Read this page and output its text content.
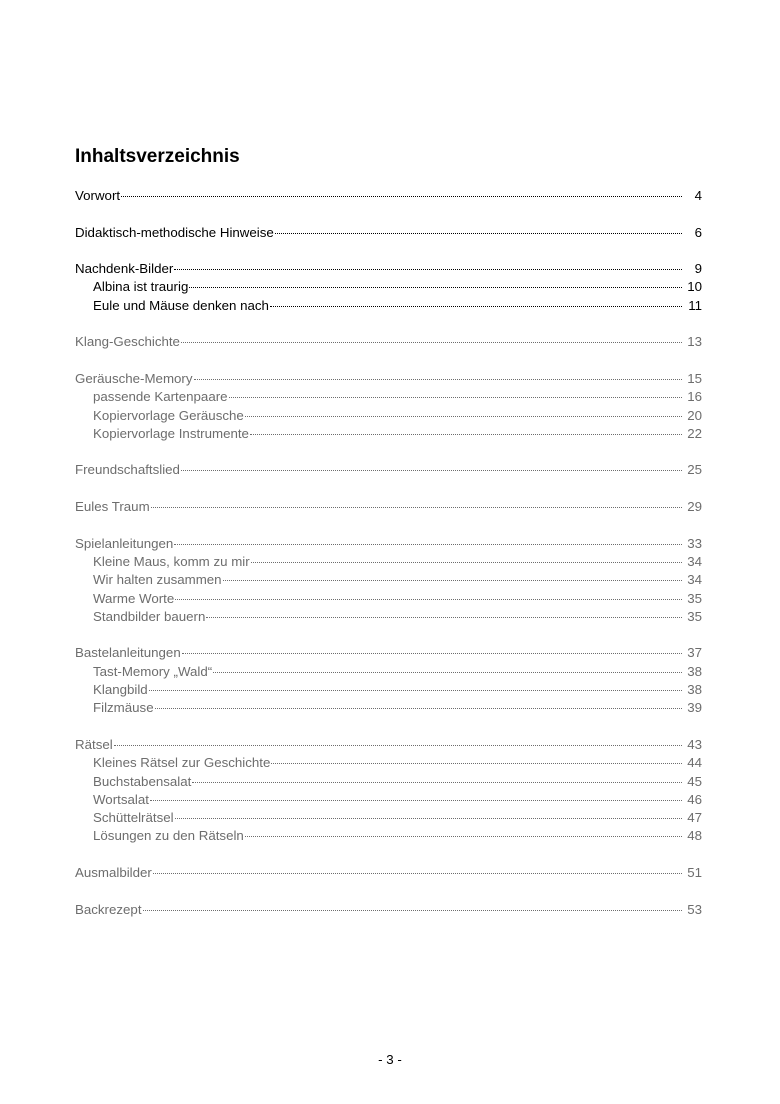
Inhaltsverzeichnis
Vorwort	4
Didaktisch-methodische Hinweise	6
Nachdenk-Bilder	9
Albina ist traurig	10
Eule und Mäuse denken nach	11
Klang-Geschichte	13
Geräusche-Memory	15
passende Kartenpaare	16
Kopiervorlage Geräusche	20
Kopiervorlage Instrumente	22
Freundschaftslied	25
Eules Traum	29
Spielanleitungen	33
Kleine Maus, komm zu mir	34
Wir halten zusammen	34
Warme Worte	35
Standbilder bauern	35
Bastelanleitungen	37
Tast-Memory „Wald“	38
Klangbild	38
Filzmäuse	39
Rätsel	43
Kleines Rätsel zur Geschichte	44
Buchstabensalat	45
Wortsalat	46
Schüttelrätsel	47
Lösungen zu den Rätseln	48
Ausmalbilder	51
Backrezept	53
- 3 -
